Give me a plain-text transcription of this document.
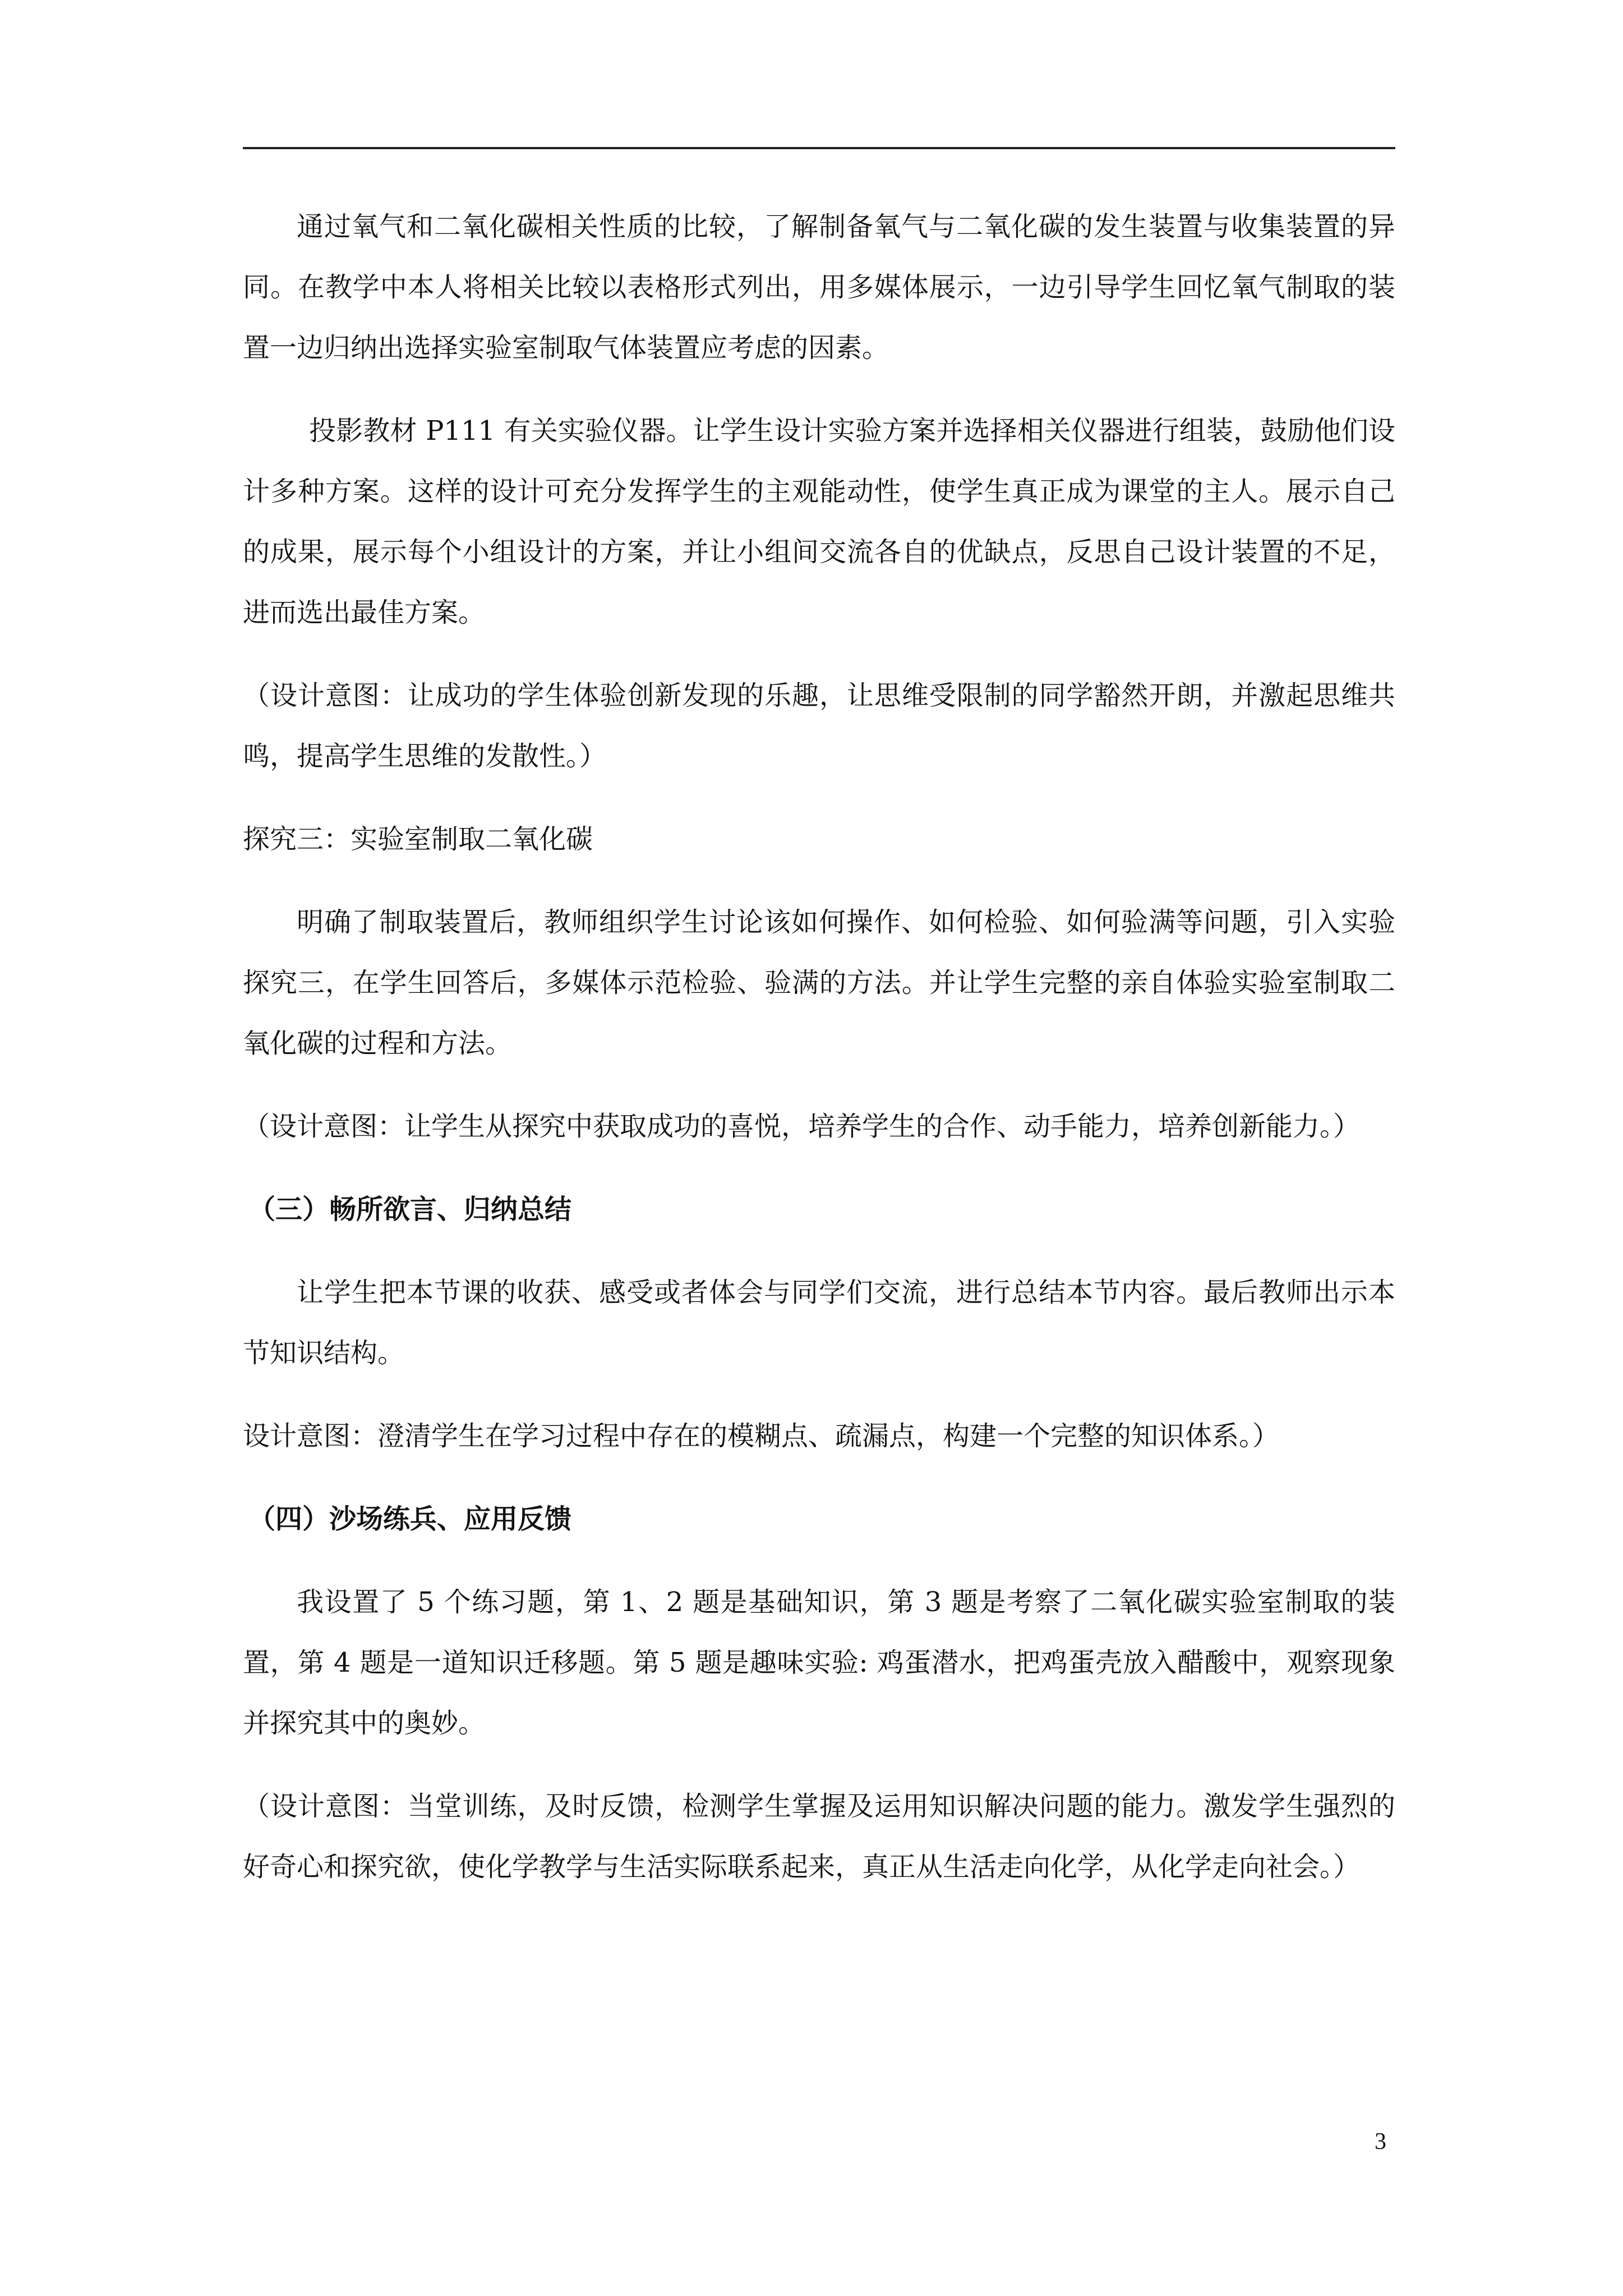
通过氧气和二氧化碳相关性质的比较，了解制备氧气与二氧化碳的发生装置与收集装置的异同。在教学中本人将相关比较以表格形式列出，用多媒体展示，一边引导学生回忆氧气制取的装置一边归纳出选择实验室制取气体装置应考虑的因素。

投影教材 P111 有关实验仪器。让学生设计实验方案并选择相关仪器进行组装，鼓励他们设计多种方案。这样的设计可充分发挥学生的主观能动性，使学生真正成为课堂的主人。展示自己的成果，展示每个小组设计的方案，并让小组间交流各自的优缺点，反思自己设计装置的不足，进而选出最佳方案。

（设计意图：让成功的学生体验创新发现的乐趣，让思维受限制的同学豁然开朗，并激起思维共鸣，提高学生思维的发散性。）

探究三：实验室制取二氧化碳

明确了制取装置后，教师组织学生讨论该如何操作、如何检验、如何验满等问题，引入实验探究三，在学生回答后，多媒体示范检验、验满的方法。并让学生完整的亲自体验实验室制取二氧化碳的过程和方法。

（设计意图：让学生从探究中获取成功的喜悦，培养学生的合作、动手能力，培养创新能力。）

（三）畅所欲言、归纳总结

让学生把本节课的收获、感受或者体会与同学们交流，进行总结本节内容。最后教师出示本节知识结构。

设计意图：澄清学生在学习过程中存在的模糊点、疏漏点，构建一个完整的知识体系。）

（四）沙场练兵、应用反馈

我设置了 5 个练习题，第 1、2 题是基础知识，第 3 题是考察了二氧化碳实验室制取的装置，第 4 题是一道知识迁移题。第 5 题是趣味实验: 鸡蛋潜水，把鸡蛋壳放入醋酸中，观察现象并探究其中的奥妙。

（设计意图：当堂训练，及时反馈，检测学生掌握及运用知识解决问题的能力。激发学生强烈的好奇心和探究欲，使化学教学与生活实际联系起来，真正从生活走向化学，从化学走向社会。）

3
